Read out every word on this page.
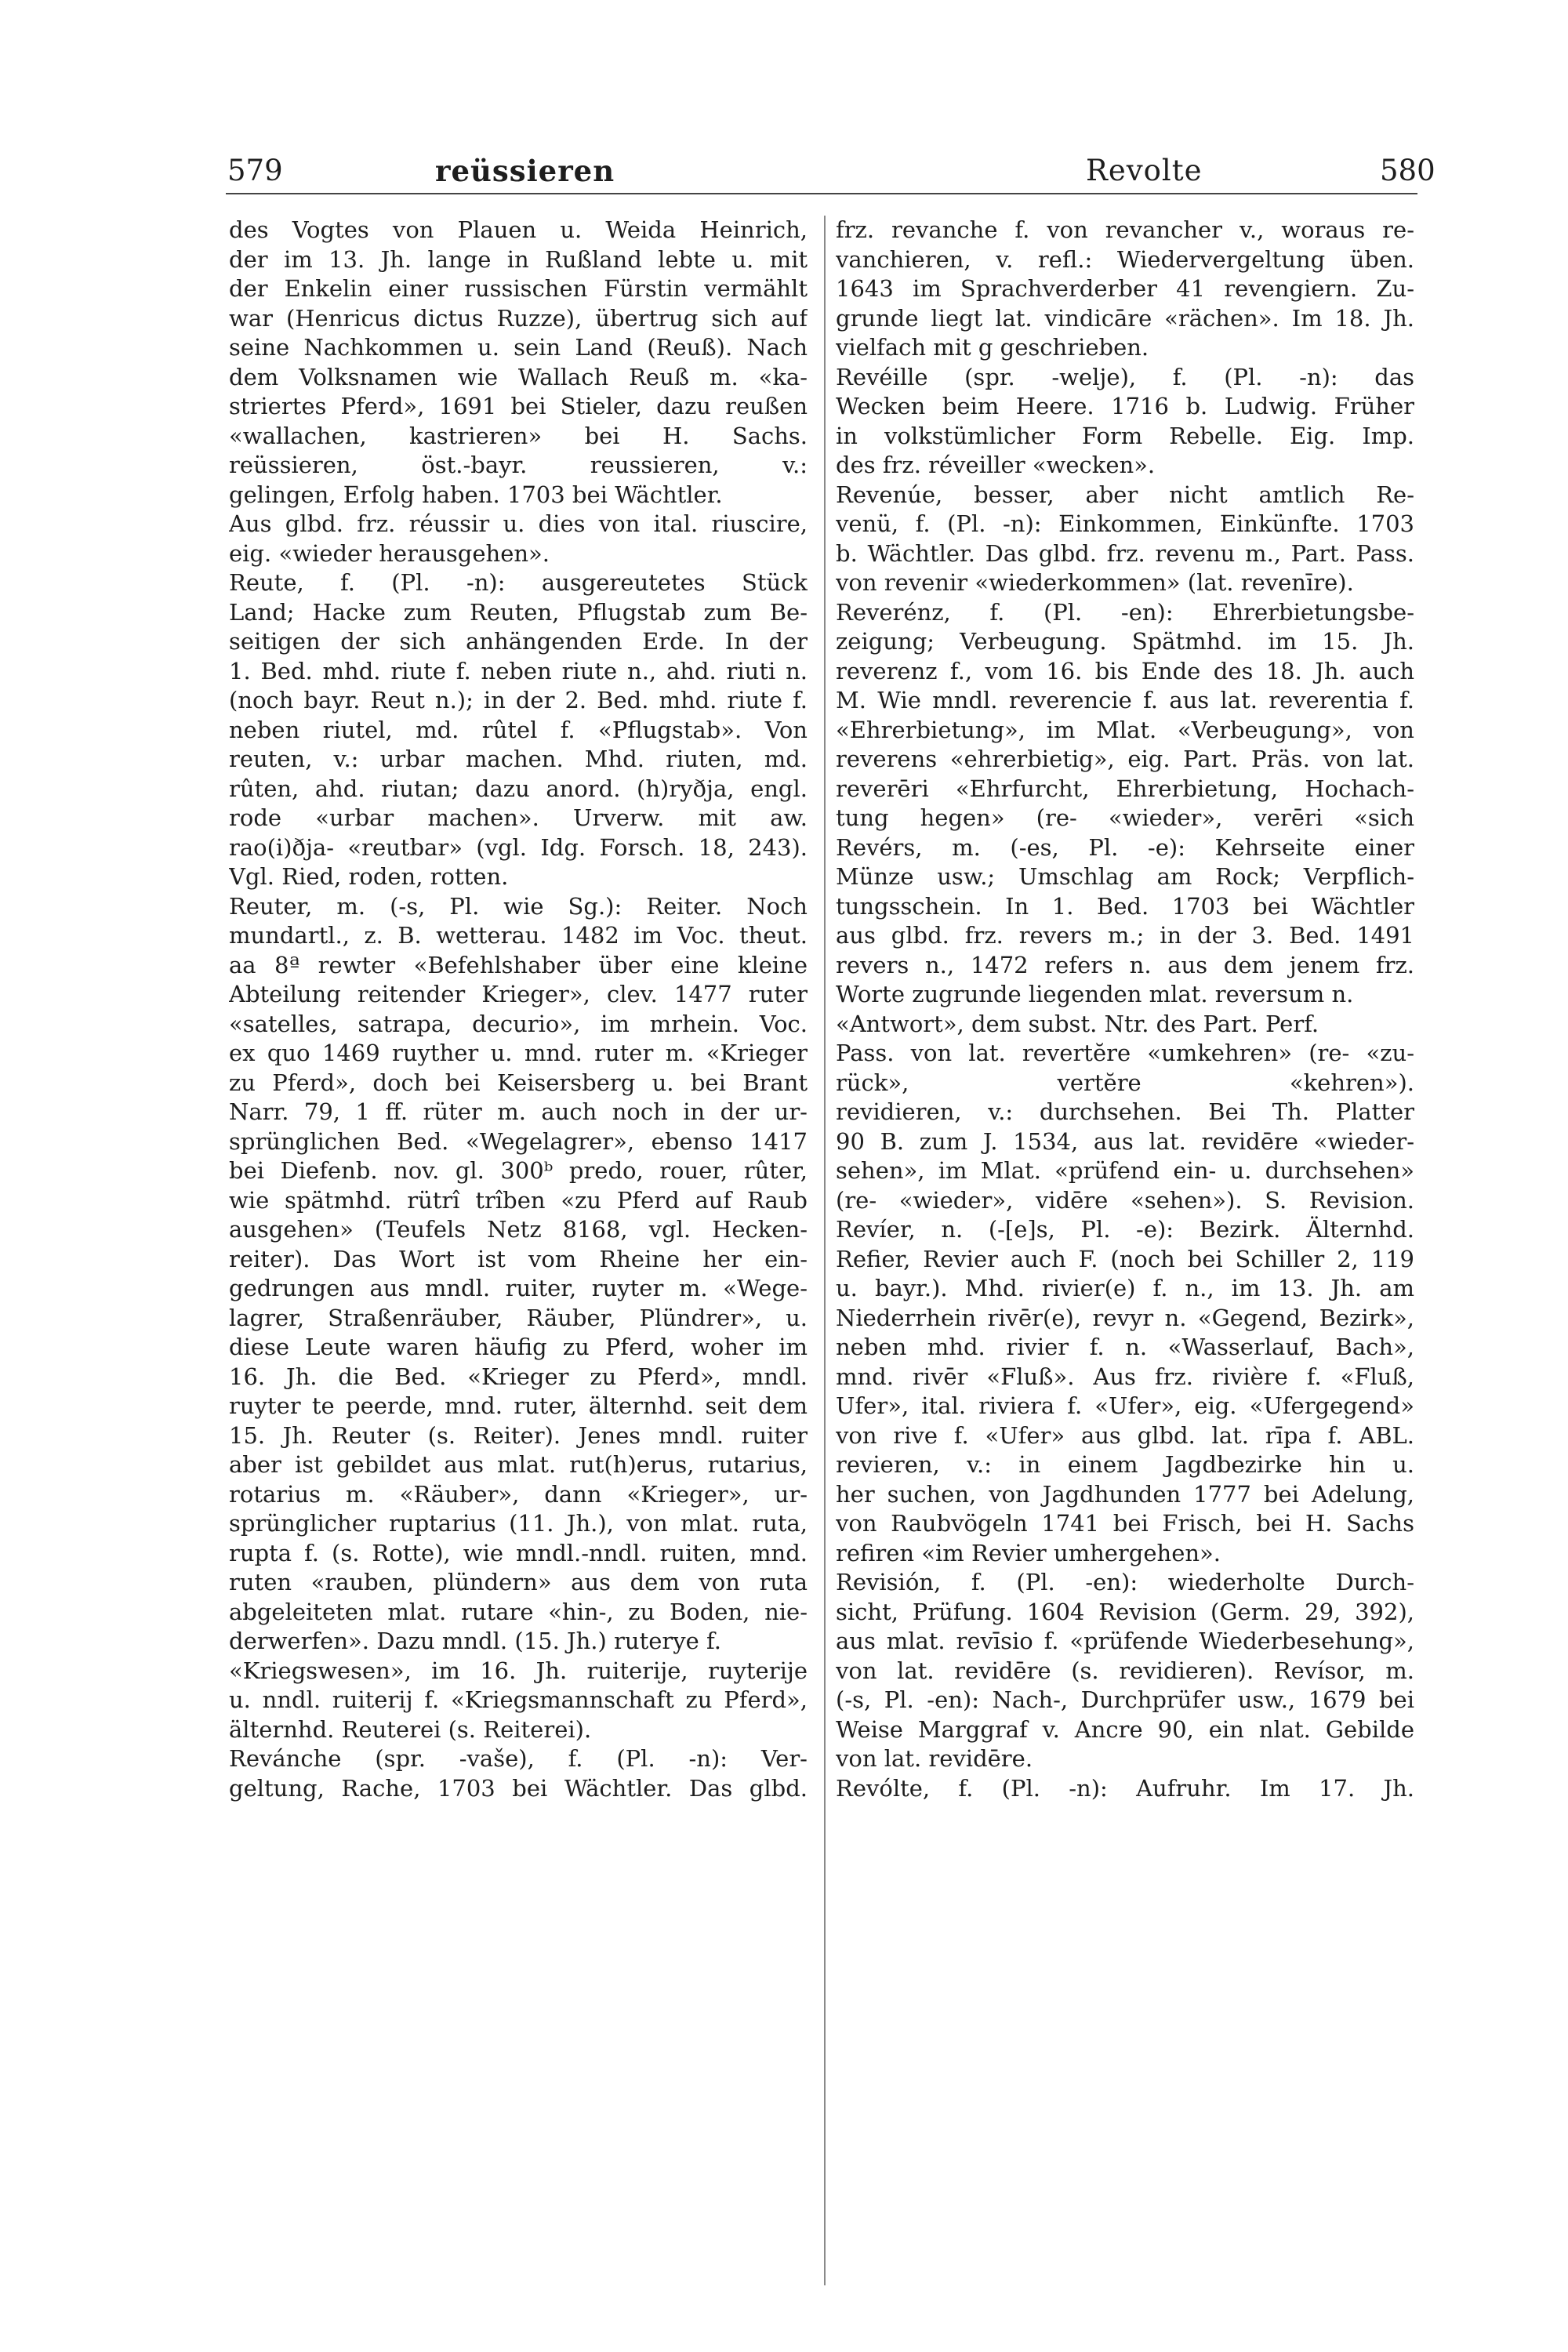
579	reüssieren	Revolte	580
des Vogtes von Plauen u. Weida Heinrich,
der im 13. Jh. lange in Rußland lebte u. mit
der Enkelin einer russischen Fürstin vermählt
war (Henricus dictus Ruzze), übertrug sich auf
seine Nachkommen u. sein Land (Reuß). Nach
dem Volksnamen wie Wallach Reuß m. «ka-
striertes Pferd», 1691 bei Stieler, dazu reußen
«wallachen, kastrieren» bei H. Sachs.
reüssieren, öst.-bayr. reussieren, v.:
gelingen, Erfolg haben. 1703 bei Wächtler.
Aus glbd. frz. réussir u. dies von ital. riuscire,
eig. «wieder herausgehen».
Reute, f. (Pl. -n): ausgereutetes Stück
Land; Hacke zum Reuten, Pflugstab zum Be-
seitigen der sich anhängenden Erde. In der
1. Bed. mhd. riute f. neben riute n., ahd. riuti n.
(noch bayr. Reut n.); in der 2. Bed. mhd. riute f.
neben riutel, md. rûtel f. «Pflugstab». Von
reuten, v.: urbar machen. Mhd. riuten, md.
rûten, ahd. riutan; dazu anord. (h)ryðja, engl.
rode «urbar machen». Urverw. mit aw.
rao(i)ðja- «reutbar» (vgl. Idg. Forsch. 18, 243).
Vgl. Ried, roden, rotten.
Reuter, m. (-s, Pl. wie Sg.): Reiter. Noch
mundartl., z. B. wetterau. 1482 im Voc. theut.
aa 8ª rewter «Befehlshaber über eine kleine
Abteilung reitender Krieger», clev. 1477 ruter
«satelles, satrapa, decurio», im mrhein. Voc.
ex quo 1469 ruyther u. mnd. ruter m. «Krieger
zu Pferd», doch bei Keisersberg u. bei Brant
Narr. 79, 1 ff. rüter m. auch noch in der ur-
sprünglichen Bed. «Wegelagrer», ebenso 1417
bei Diefenb. nov. gl. 300ᵇ predo, rouer, rûter,
wie spätmhd. rütrî trîben «zu Pferd auf Raub
ausgehen» (Teufels Netz 8168, vgl. Hecken-
reiter). Das Wort ist vom Rheine her ein-
gedrungen aus mndl. ruiter, ruyter m. «Wege-
lagrer, Straßenräuber, Räuber, Plündrer», u.
diese Leute waren häufig zu Pferd, woher im
16. Jh. die Bed. «Krieger zu Pferd», mndl.
ruyter te peerde, mnd. ruter, älternhd. seit dem
15. Jh. Reuter (s. Reiter). Jenes mndl. ruiter
aber ist gebildet aus mlat. rut(h)erus, rutarius,
rotarius m. «Räuber», dann «Krieger», ur-
sprünglicher ruptarius (11. Jh.), von mlat. ruta,
rupta f. (s. Rotte), wie mndl.-nndl. ruiten, mnd.
ruten «rauben, plündern» aus dem von ruta
abgeleiteten mlat. rutare «hin-, zu Boden, nie-
derwerfen». Dazu mndl. (15. Jh.) ruterye f.
«Kriegswesen», im 16. Jh. ruiterije, ruyterije
u. nndl. ruiterij f. «Kriegsmannschaft zu Pferd»,
älternhd. Reuterei (s. Reiterei).
Revánche (spr. -vaše), f. (Pl. -n): Ver-
geltung, Rache, 1703 bei Wächtler. Das glbd.
frz. revanche f. von revancher v., woraus re-
vanchieren, v. refl.: Wiedervergeltung üben.
1643 im Sprachverderber 41 revengiern. Zu-
grunde liegt lat. vindicāre «rächen». Im 18. Jh.
vielfach mit g geschrieben.
Revéille (spr. -welje), f. (Pl. -n): das
Wecken beim Heere. 1716 b. Ludwig. Früher
in volkstümlicher Form Rebelle. Eig. Imp.
des frz. réveiller «wecken».
Revenúe, besser, aber nicht amtlich Re-
venü, f. (Pl. -n): Einkommen, Einkünfte. 1703
b. Wächtler. Das glbd. frz. revenu m., Part. Pass.
von revenir «wiederkommen» (lat. revenīre).
Reverénz, f. (Pl. -en): Ehrerbietungsbe-
zeigung; Verbeugung. Spätmhd. im 15. Jh.
reverenz f., vom 16. bis Ende des 18. Jh. auch
M. Wie mndl. reverencie f. aus lat. reverentia f.
«Ehrerbietung», im Mlat. «Verbeugung», von
reverens «ehrerbietig», eig. Part. Präs. von lat.
reverēri «Ehrfurcht, Ehrerbietung, Hochach-
tung hegen» (re- «wieder», verēri «sich
Revérs, m. (-es, Pl. -e): Kehrseite einer
Münze usw.; Umschlag am Rock; Verpflich-
tungsschein. In 1. Bed. 1703 bei Wächtler
aus glbd. frz. revers m.; in der 3. Bed. 1491
revers n., 1472 refers n. aus dem jenem frz.
Worte zugrunde liegenden mlat. reversum n.
«Antwort», dem subst. Ntr. des Part. Perf.
Pass. von lat. revertĕre «umkehren» (re- «zu-
rück», vertĕre «kehren»).
revidieren, v.: durchsehen. Bei Th. Platter
90 B. zum J. 1534, aus lat. revidēre «wieder-
sehen», im Mlat. «prüfend ein- u. durchsehen»
(re- «wieder», vidēre «sehen»). S. Revision.
Revíer, n. (-[e]s, Pl. -e): Bezirk. Älternhd.
Refier, Revier auch F. (noch bei Schiller 2, 119
u. bayr.). Mhd. rivier(e) f. n., im 13. Jh. am
Niederrhein rivēr(e), revyr n. «Gegend, Bezirk»,
neben mhd. rivier f. n. «Wasserlauf, Bach»,
mnd. rivēr «Fluß». Aus frz. rivière f. «Fluß,
Ufer», ital. riviera f. «Ufer», eig. «Ufergegend»
von rive f. «Ufer» aus glbd. lat. rīpa f. ABL.
revieren, v.: in einem Jagdbezirke hin u.
her suchen, von Jagdhunden 1777 bei Adelung,
von Raubvögeln 1741 bei Frisch, bei H. Sachs
refiren «im Revier umhergehen».
Revisión, f. (Pl. -en): wiederholte Durch-
sicht, Prüfung. 1604 Revision (Germ. 29, 392),
aus mlat. revīsio f. «prüfende Wiederbesehung»,
von lat. revidēre (s. revidieren). Revísor, m.
(-s, Pl. -en): Nach-, Durchprüfer usw., 1679 bei
Weise Marggraf v. Ancre 90, ein nlat. Gebilde
von lat. revidēre.
Revólte, f. (Pl. -n): Aufruhr. Im 17. Jh.
